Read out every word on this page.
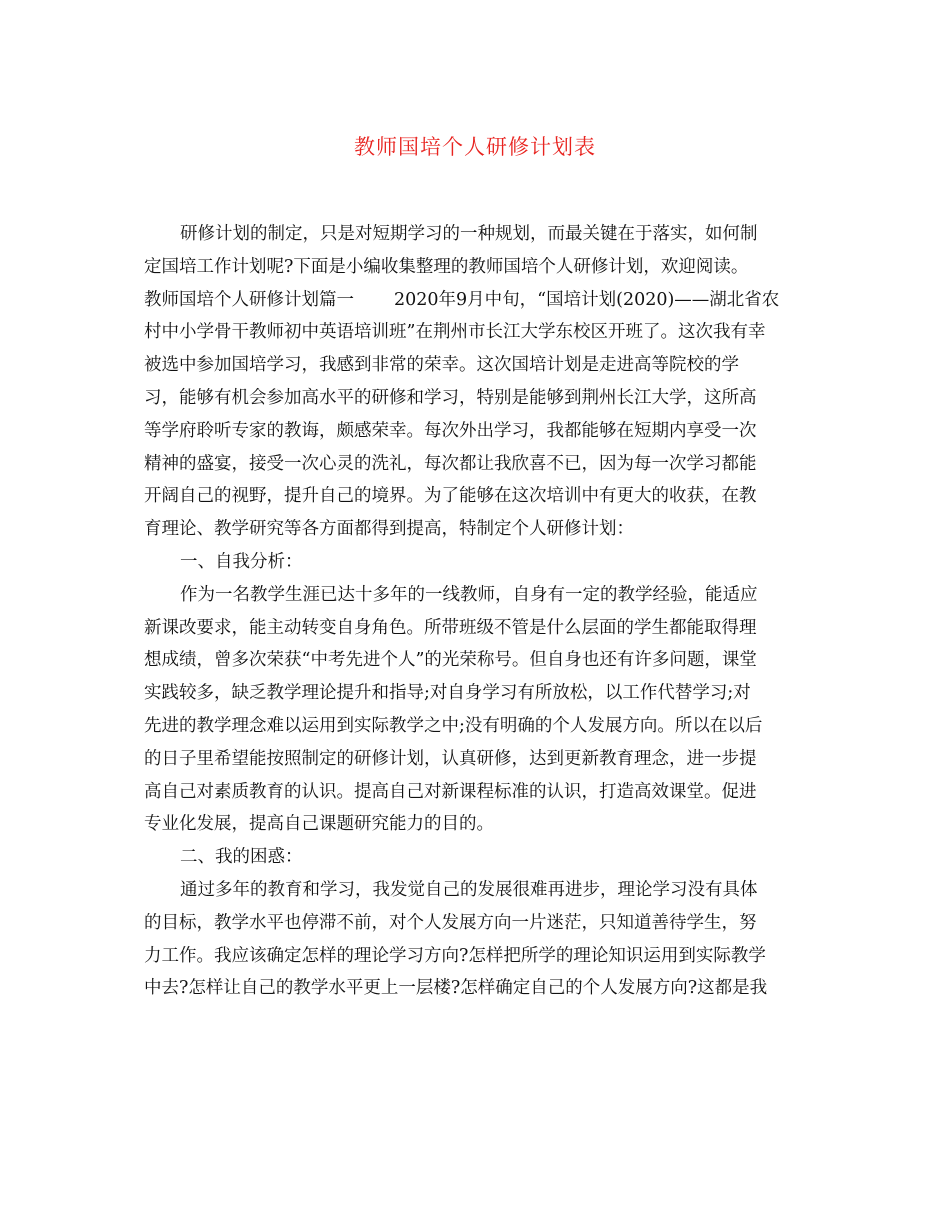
教师国培个人研修计划表
研修计划的制定，只是对短期学习的一种规划，而最关键在于落实，如何制
定国培工作计划呢?下面是小编收集整理的教师国培个人研修计划，欢迎阅读。
教师国培个人研修计划篇一 2020年9月中旬，“国培计划(2020)——湖北省农
村中小学骨干教师初中英语培训班”在荆州市长江大学东校区开班了。这次我有幸
被选中参加国培学习，我感到非常的荣幸。这次国培计划是走进高等院校的学
习，能够有机会参加高水平的研修和学习，特别是能够到荆州长江大学，这所高
等学府聆听专家的教诲，颇感荣幸。每次外出学习，我都能够在短期内享受一次
精神的盛宴，接受一次心灵的洗礼，每次都让我欣喜不已，因为每一次学习都能
开阔自己的视野，提升自己的境界。为了能够在这次培训中有更大的收获，在教
育理论、教学研究等各方面都得到提高，特制定个人研修计划：
一、自我分析：
作为一名教学生涯已达十多年的一线教师，自身有一定的教学经验，能适应
新课改要求，能主动转变自身角色。所带班级不管是什么层面的学生都能取得理
想成绩，曾多次荣获“中考先进个人”的光荣称号。但自身也还有许多问题，课堂
实践较多，缺乏教学理论提升和指导;对自身学习有所放松，以工作代替学习;对
先进的教学理念难以运用到实际教学之中;没有明确的个人发展方向。所以在以后
的日子里希望能按照制定的研修计划，认真研修，达到更新教育理念，进一步提
高自己对素质教育的认识。提高自己对新课程标准的认识，打造高效课堂。促进
专业化发展，提高自己课题研究能力的目的。
二、我的困惑：
通过多年的教育和学习，我发觉自己的发展很难再进步，理论学习没有具体
的目标，教学水平也停滞不前，对个人发展方向一片迷茫，只知道善待学生，努
力工作。我应该确定怎样的理论学习方向?怎样把所学的理论知识运用到实际教学
中去?怎样让自己的教学水平更上一层楼?怎样确定自己的个人发展方向?这都是我
